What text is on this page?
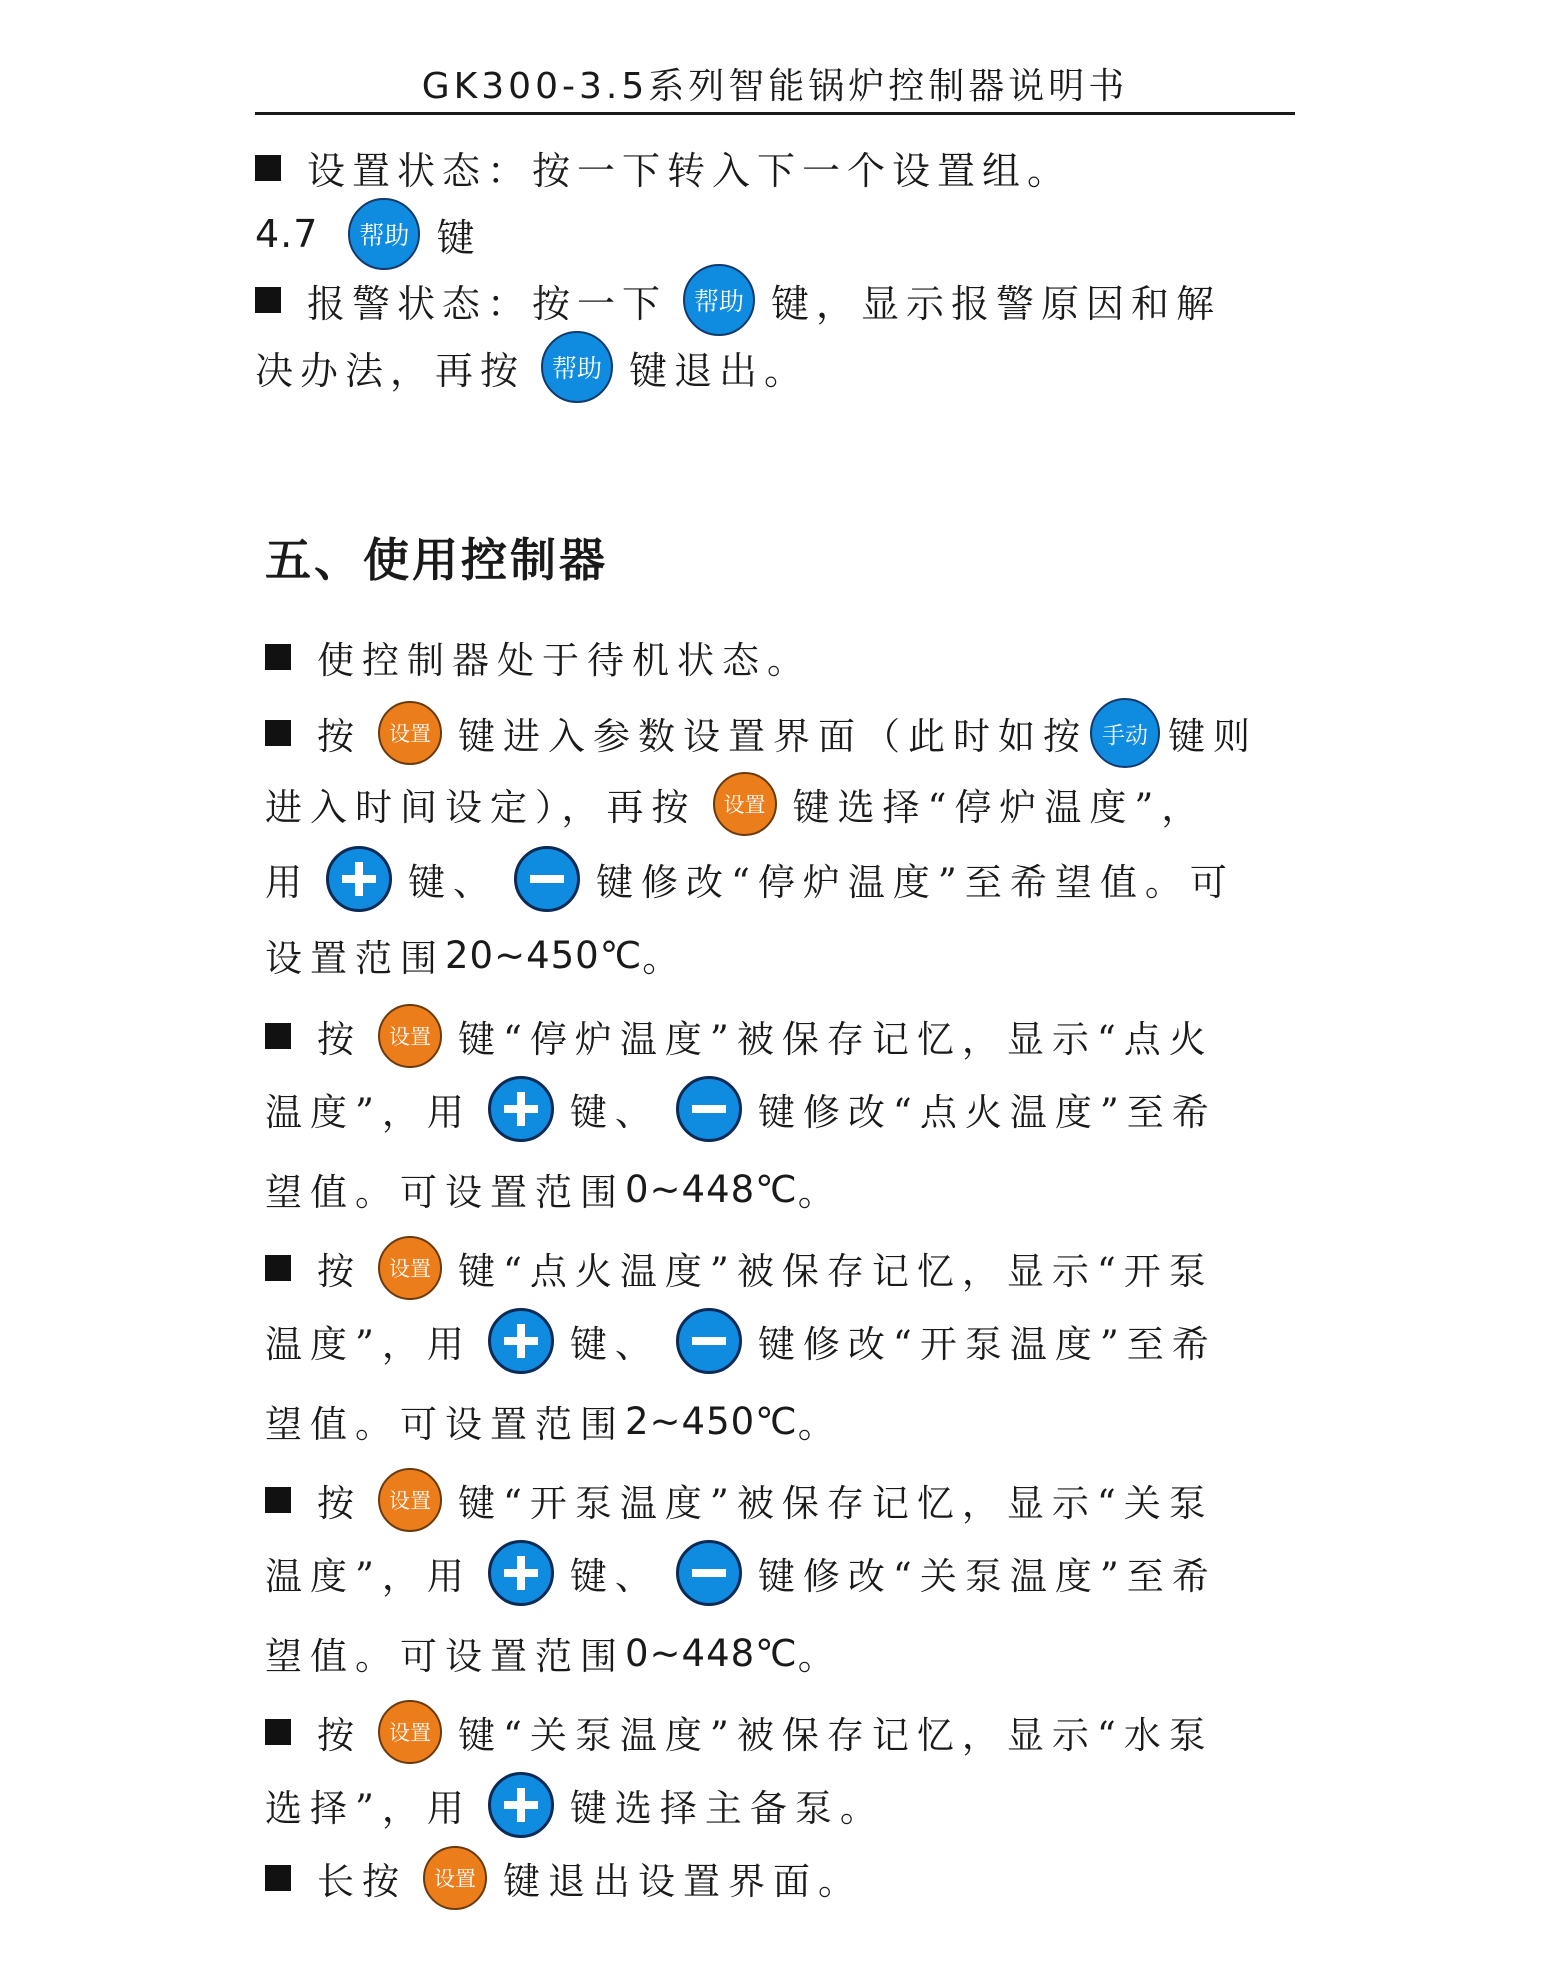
GK300-3.5系列智能锅炉控制器说明书
设置状态：按一下转入下一个设置组。
4.7	帮助 键
报警状态：按一下	帮助 键，显示报警原因和解
决办法，再按	帮助 键退出。
五、使用控制器
使控制器处于待机状态。
按	设置 键进入参数设置界面（此时如按 手动 键则
进入时间设定），再按	设置 键选择“停炉温度”，
用	键、	键修改“停炉温度”至希望值。可
设置范围 20~450℃ 。
按	设置 键“停炉温度”被保存记忆，显示“点火
温度”，用	键、	键修改“点火温度”至希
望值。可设置范围 0~448℃ 。
按	设置 键“点火温度”被保存记忆，显示“开泵
温度”，用	键、	键修改“开泵温度”至希
望值。可设置范围 2~450℃ 。
按	设置 键“开泵温度”被保存记忆，显示“关泵
温度”，用	键、	键修改“关泵温度”至希
望值。可设置范围 0~448℃ 。
按	设置 键“关泵温度”被保存记忆，显示“水泵
选择”，用	键选择主备泵。
长按	设置 键退出设置界面。
